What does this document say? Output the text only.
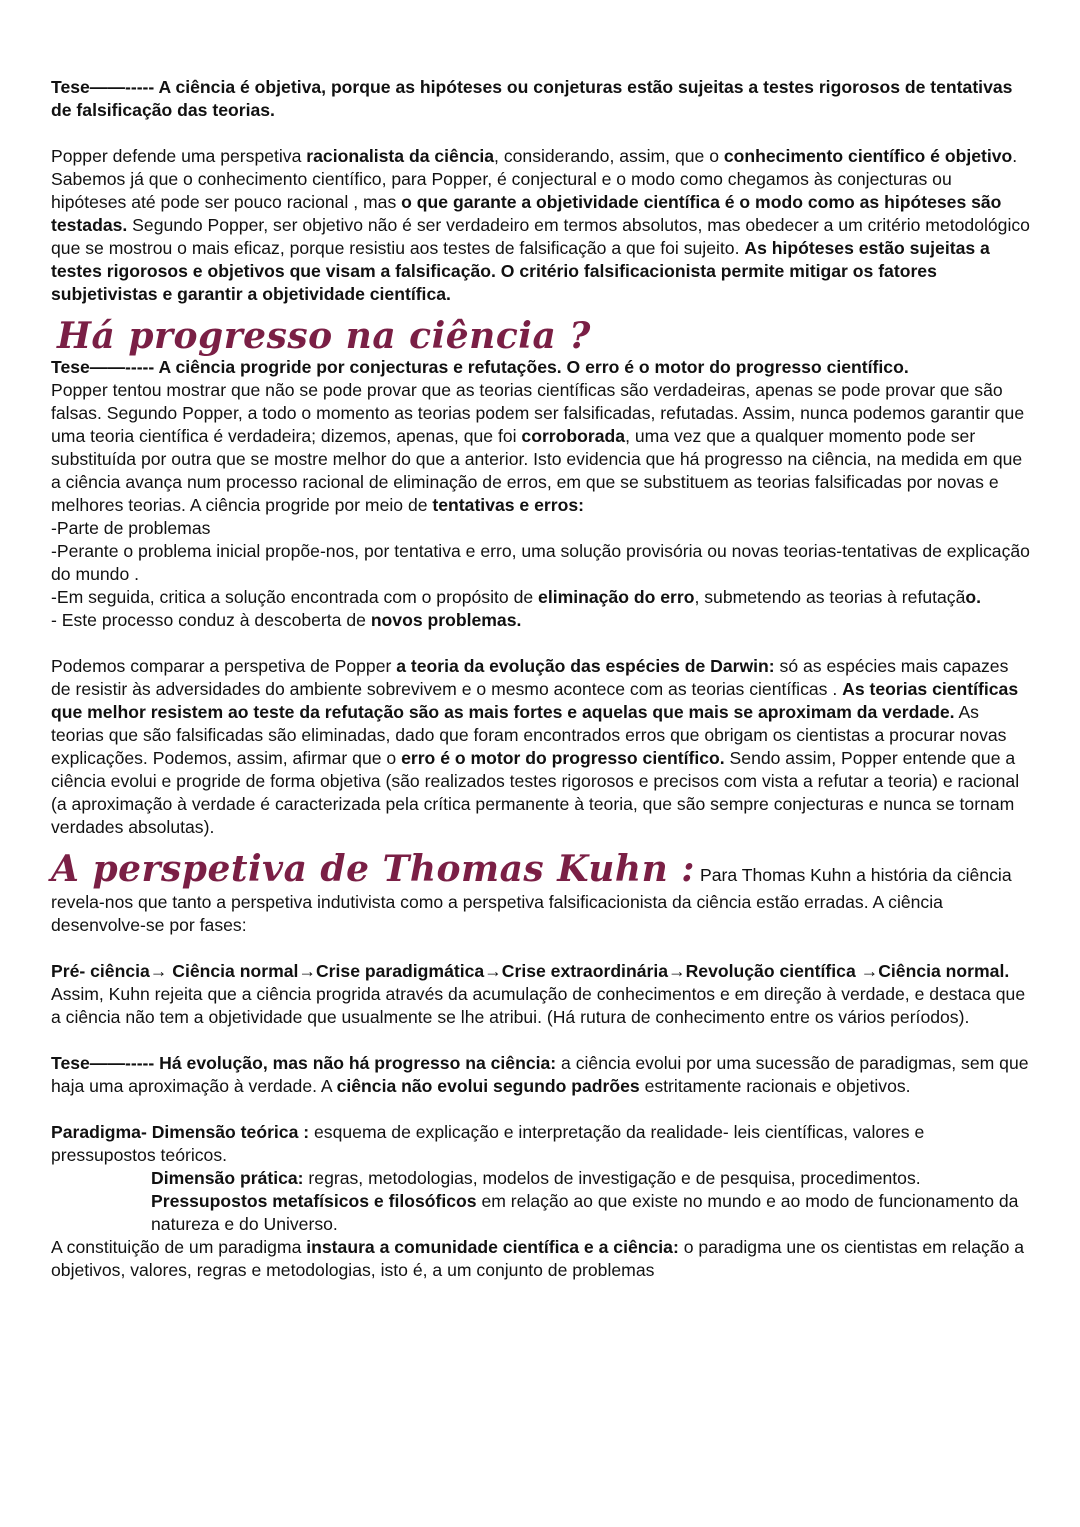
Tese——----- A ciência é objetiva, porque as hipóteses ou conjeturas estão sujeitas a testes rigorosos de tentativas de falsificação das teorias.

Popper defende uma perspetiva racionalista da ciência, considerando, assim, que o conhecimento científico é objetivo. Sabemos já que o conhecimento científico, para Popper, é conjectural e o modo como chegamos às conjecturas ou hipóteses até pode ser pouco racional , mas o que garante a objetividade científica é o modo como as hipóteses são testadas. Segundo Popper, ser objetivo não é ser verdadeiro em termos absolutos, mas obedecer a um critério metodológico que se mostrou o mais eficaz, porque resistiu aos testes de falsificação a que foi sujeito. As hipóteses estão sujeitas a testes rigorosos e objetivos que visam a falsificação. O critério falsificacionista permite mitigar os fatores subjetivistas e garantir a objetividade científica.

Há progresso na ciência ?

Tese——----- A ciência progride por conjecturas e refutações. O erro é o motor do progresso científico.

Popper tentou mostrar que não se pode provar que as teorias científicas são verdadeiras, apenas se pode provar que são falsas. Segundo Popper, a todo o momento as teorias podem ser falsificadas, refutadas. Assim, nunca podemos garantir que uma teoria científica é verdadeira; dizemos, apenas, que foi corroborada, uma vez que a qualquer momento pode ser substituída por outra que se mostre melhor do que a anterior. Isto evidencia que há progresso na ciência, na medida em que a ciência avança num processo racional de eliminação de erros, em que se substituem as teorias falsificadas por novas e melhores teorias. A ciência progride por meio de tentativas e erros:

-Parte de problemas

-Perante o problema inicial propõe-nos, por tentativa e erro, uma solução provisória ou novas teorias-tentativas de explicação do mundo .

-Em seguida, critica a solução encontrada com o propósito de eliminação do erro, submetendo as teorias à refutação.

- Este processo conduz à descoberta de novos problemas.

Podemos comparar a perspetiva de Popper a teoria da evolução das espécies de Darwin: só as espécies mais capazes de resistir às adversidades do ambiente sobrevivem e o mesmo acontece com as teorias científicas . As teorias científicas que melhor resistem ao teste da refutação são as mais fortes e aquelas que mais se aproximam da verdade. As teorias que são falsificadas são eliminadas, dado que foram encontrados erros que obrigam os cientistas a procurar novas explicações. Podemos, assim, afirmar que o erro é o motor do progresso científico. Sendo assim, Popper entende que a ciência evolui e progride de forma objetiva (são realizados testes rigorosos e precisos com vista a refutar a teoria) e racional (a aproximação à verdade é caracterizada pela crítica permanente à teoria, que são sempre conjecturas e nunca se tornam verdades absolutas).

A perspetiva de Thomas Kuhn : Para Thomas Kuhn a história da ciência revela-nos que tanto a perspetiva indutivista como a perspetiva falsificacionista da ciência estão erradas. A ciência desenvolve-se por fases:

Pré- ciência→ Ciência normal→Crise paradigmática→Crise extraordinária→Revolução científica →Ciência normal.

Assim, Kuhn rejeita que a ciência progrida através da acumulação de conhecimentos e em direção à verdade, e destaca que a ciência não tem a objetividade que usualmente se lhe atribui. (Há rutura de conhecimento entre os vários períodos).

Tese——----- Há evolução, mas não há progresso na ciência: a ciência evolui por uma sucessão de paradigmas, sem que haja uma aproximação à verdade. A ciência não evolui segundo padrões estritamente racionais e objetivos.

Paradigma- Dimensão teórica : esquema de explicação e interpretação da realidade- leis científicas, valores e pressupostos teóricos.

Dimensão prática: regras, metodologias, modelos de investigação e de pesquisa, procedimentos.

Pressupostos metafísicos e filosóficos em relação ao que existe no mundo e ao modo de funcionamento da natureza e do Universo.

A constituição de um paradigma instaura a comunidade científica e a ciência: o paradigma une os cientistas em relação a objetivos, valores, regras e metodologias, isto é, a um conjunto de problemas
